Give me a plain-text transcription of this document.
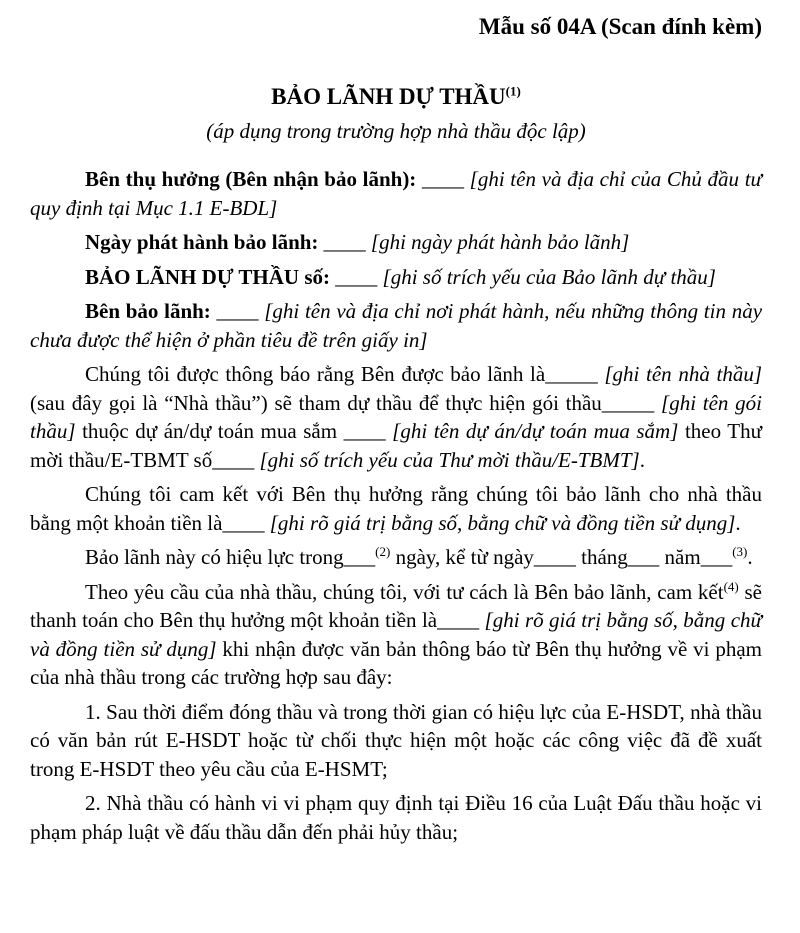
Mẫu số 04A (Scan đính kèm)
BẢO LÃNH DỰ THẦU$^{(1)}$
(áp dụng trong trường hợp nhà thầu độc lập)

Bên thụ hưởng (Bên nhận bảo lãnh): ____ [ghi tên và địa chỉ của Chủ đầu tư quy định tại Mục 1.1 E-BDL]

Ngày phát hành bảo lãnh: ____ [ghi ngày phát hành bảo lãnh]

BẢO LÃNH DỰ THẦU số: ____ [ghi số trích yếu của Bảo lãnh dự thầu]

Bên bảo lãnh: ____ [ghi tên và địa chỉ nơi phát hành, nếu những thông tin này chưa được thể hiện ở phần tiêu đề trên giấy in]

Chúng tôi được thông báo rằng Bên được bảo lãnh là_____ [ghi tên nhà thầu] (sau đây gọi là “Nhà thầu”) sẽ tham dự thầu để thực hiện gói thầu_____ [ghi tên gói thầu] thuộc dự án/dự toán mua sắm ____ [ghi tên dự án/dự toán mua sắm] theo Thư mời thầu/E-TBMT số____ [ghi số trích yếu của Thư mời thầu/E-TBMT].

Chúng tôi cam kết với Bên thụ hưởng rằng chúng tôi bảo lãnh cho nhà thầu bằng một khoản tiền là____ [ghi rõ giá trị bằng số, bằng chữ và đồng tiền sử dụng].

Bảo lãnh này có hiệu lực trong___$^{(2)}$ ngày, kể từ ngày____ tháng___ năm___$^{(3)}$.

Theo yêu cầu của nhà thầu, chúng tôi, với tư cách là Bên bảo lãnh, cam kết$^{(4)}$ sẽ thanh toán cho Bên thụ hưởng một khoản tiền là____ [ghi rõ giá trị bằng số, bằng chữ và đồng tiền sử dụng] khi nhận được văn bản thông báo từ Bên thụ hưởng về vi phạm của nhà thầu trong các trường hợp sau đây:

1. Sau thời điểm đóng thầu và trong thời gian có hiệu lực của E-HSDT, nhà thầu có văn bản rút E-HSDT hoặc từ chối thực hiện một hoặc các công việc đã đề xuất trong E-HSDT theo yêu cầu của E-HSMT;

2. Nhà thầu có hành vi vi phạm quy định tại Điều 16 của Luật Đấu thầu hoặc vi phạm pháp luật về đấu thầu dẫn đến phải hủy thầu;
